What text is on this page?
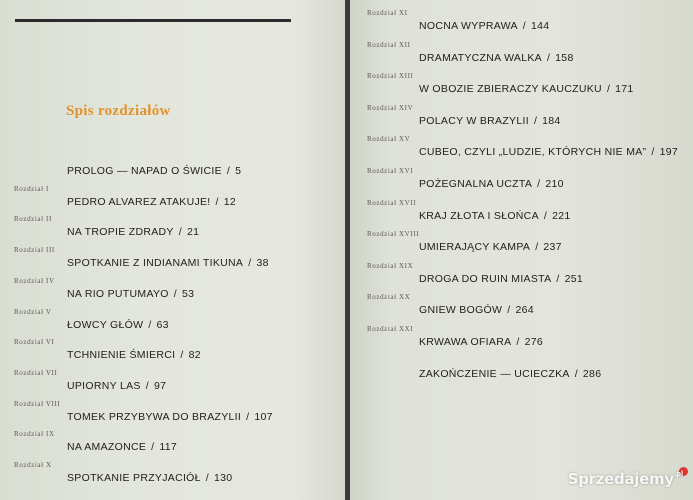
Spis rozdziałów
PROLOG — NAPAD O ŚWICIE / 5
Rozdział I
PEDRO ALVAREZ ATAKUJE! / 12
Rozdział II
NA TROPIE ZDRADY / 21
Rozdział III
SPOTKANIE Z INDIANAMI TIKUNA / 38
Rozdział IV
NA RIO PUTUMAYO / 53
Rozdział V
ŁOWCY GŁÓW / 63
Rozdział VI
TCHNIENIE ŚMIERCI / 82
Rozdział VII
UPIORNY LAS / 97
Rozdział VIII
TOMEK PRZYBYWA DO BRAZYLII / 107
Rozdział IX
NA AMAZONCE / 117
Rozdział X
SPOTKANIE PRZYJACIÓŁ / 130
Rozdział XI
NOCNA WYPRAWA / 144
Rozdział XII
DRAMATYCZNA WALKA / 158
Rozdział XIII
W OBOZIE ZBIERACZY KAUCZUKU / 171
Rozdział XIV
POLACY W BRAZYLII / 184
Rozdział XV
CUBEO, CZYLI „LUDZIE, KTÓRYCH NIE MA” / 197
Rozdział XVI
POŻEGNALNA UCZTA / 210
Rozdział XVII
KRAJ ZŁOTA I SŁOŃCA / 221
Rozdział XVIII
UMIERAJĄCY KAMPA / 237
Rozdział XIX
DROGA DO RUIN MIASTA / 251
Rozdział XX
GNIEW BOGÓW / 264
Rozdział XXI
KRWAWA OFIARA / 276
ZAKOŃCZENIE — UCIECZKA / 286
Sprzedajemy$^{.pl}$
